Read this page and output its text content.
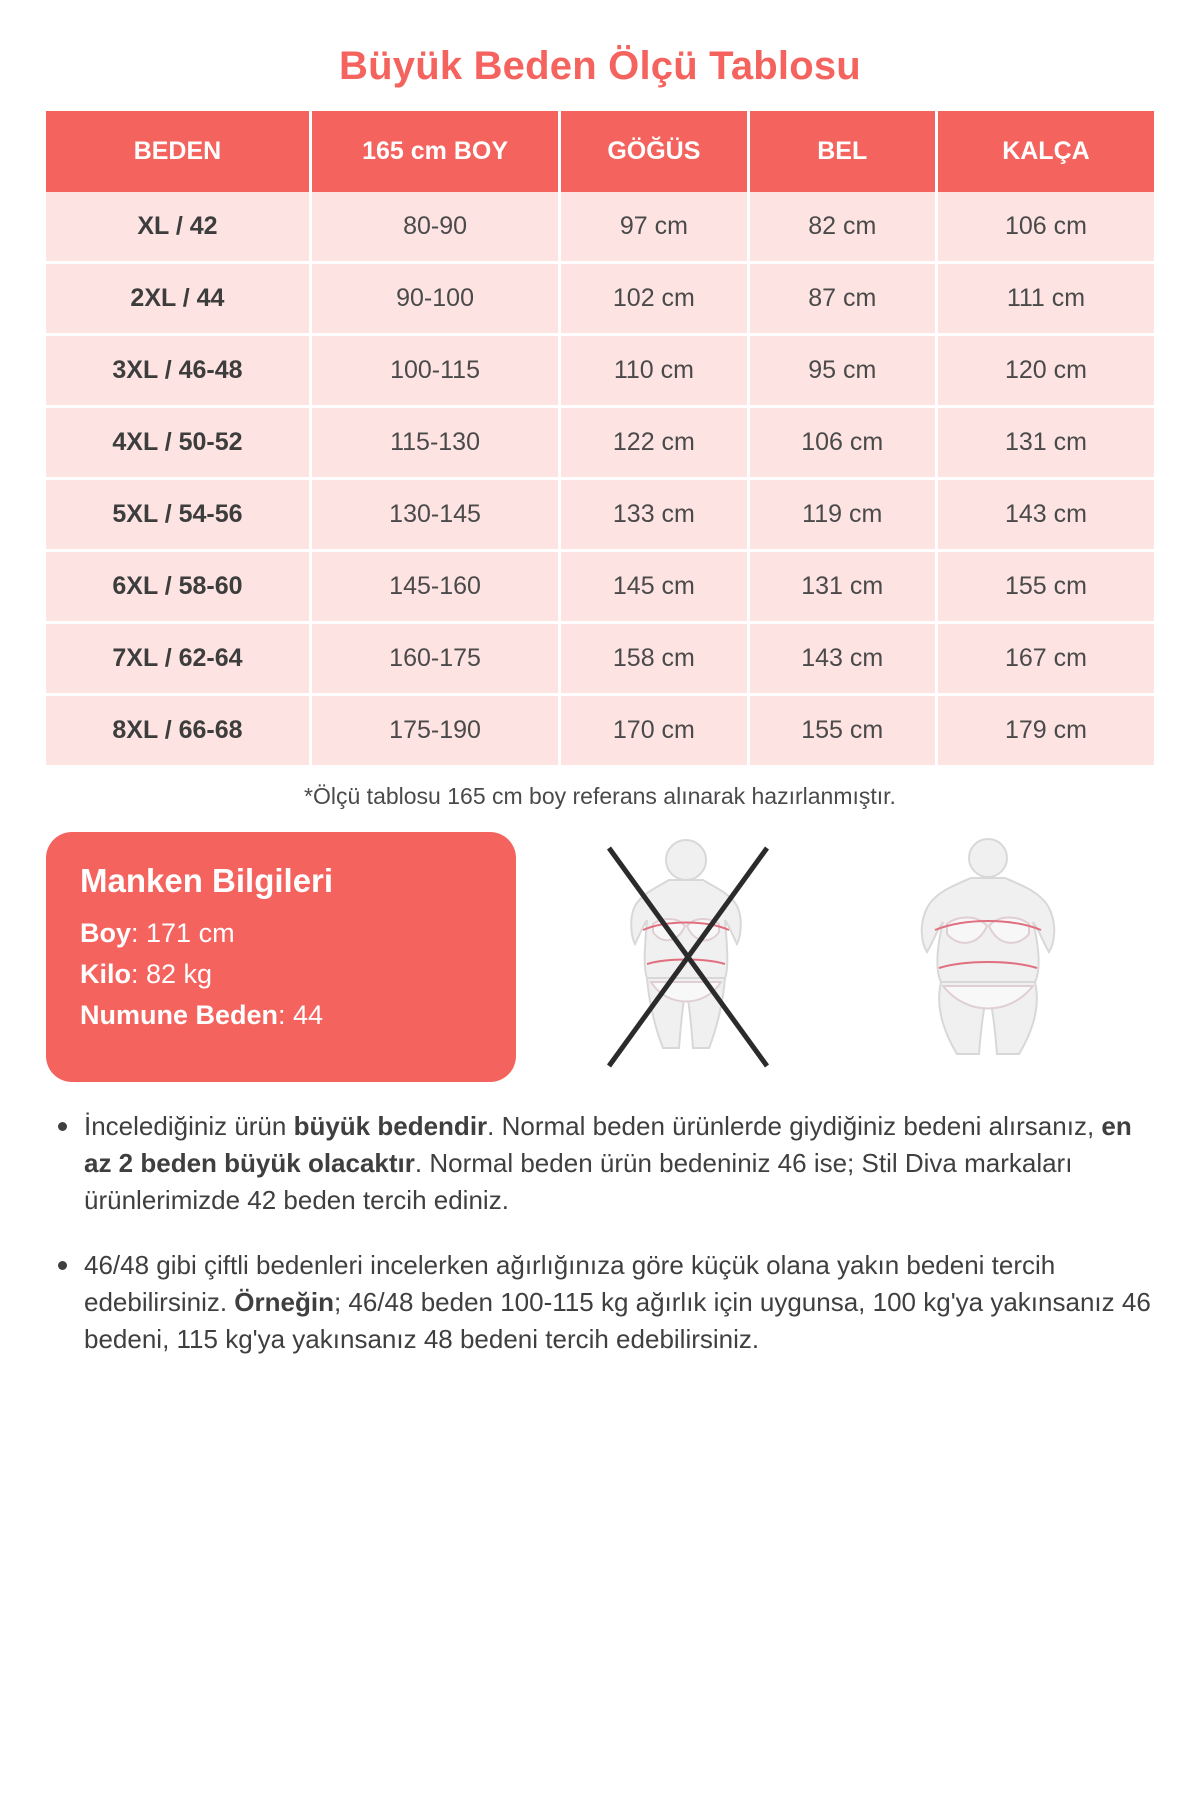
Büyük Beden Ölçü Tablosu
BEDEN	165 cm BOY	GÖĞÜS	BEL	KALÇA
XL / 42	80-90	97 cm	82 cm	106 cm
2XL / 44	90-100	102 cm	87 cm	111 cm
3XL / 46-48	100-115	110 cm	95 cm	120 cm
4XL / 50-52	115-130	122 cm	106 cm	131 cm
5XL / 54-56	130-145	133 cm	119 cm	143 cm
6XL / 58-60	145-160	145 cm	131 cm	155 cm
7XL / 62-64	160-175	158 cm	143 cm	167 cm
8XL / 66-68	175-190	170 cm	155 cm	179 cm
*Ölçü tablosu 165 cm boy referans alınarak hazırlanmıştır.
Manken Bilgileri
Boy: 171 cm
Kilo: 82 kg
Numune Beden: 44
İncelediğiniz ürün büyük bedendir. Normal beden ürünlerde giydiğiniz bedeni alırsanız, en az 2 beden büyük olacaktır. Normal beden ürün bedeniniz 46 ise; Stil Diva markaları ürünlerimizde 42 beden tercih ediniz.
46/48 gibi çiftli bedenleri incelerken ağırlığınıza göre küçük olana yakın bedeni tercih edebilirsiniz. Örneğin; 46/48 beden 100-115 kg ağırlık için uygunsa, 100 kg'ya yakınsanız 46 bedeni, 115 kg'ya yakınsanız 48 bedeni tercih edebilirsiniz.
